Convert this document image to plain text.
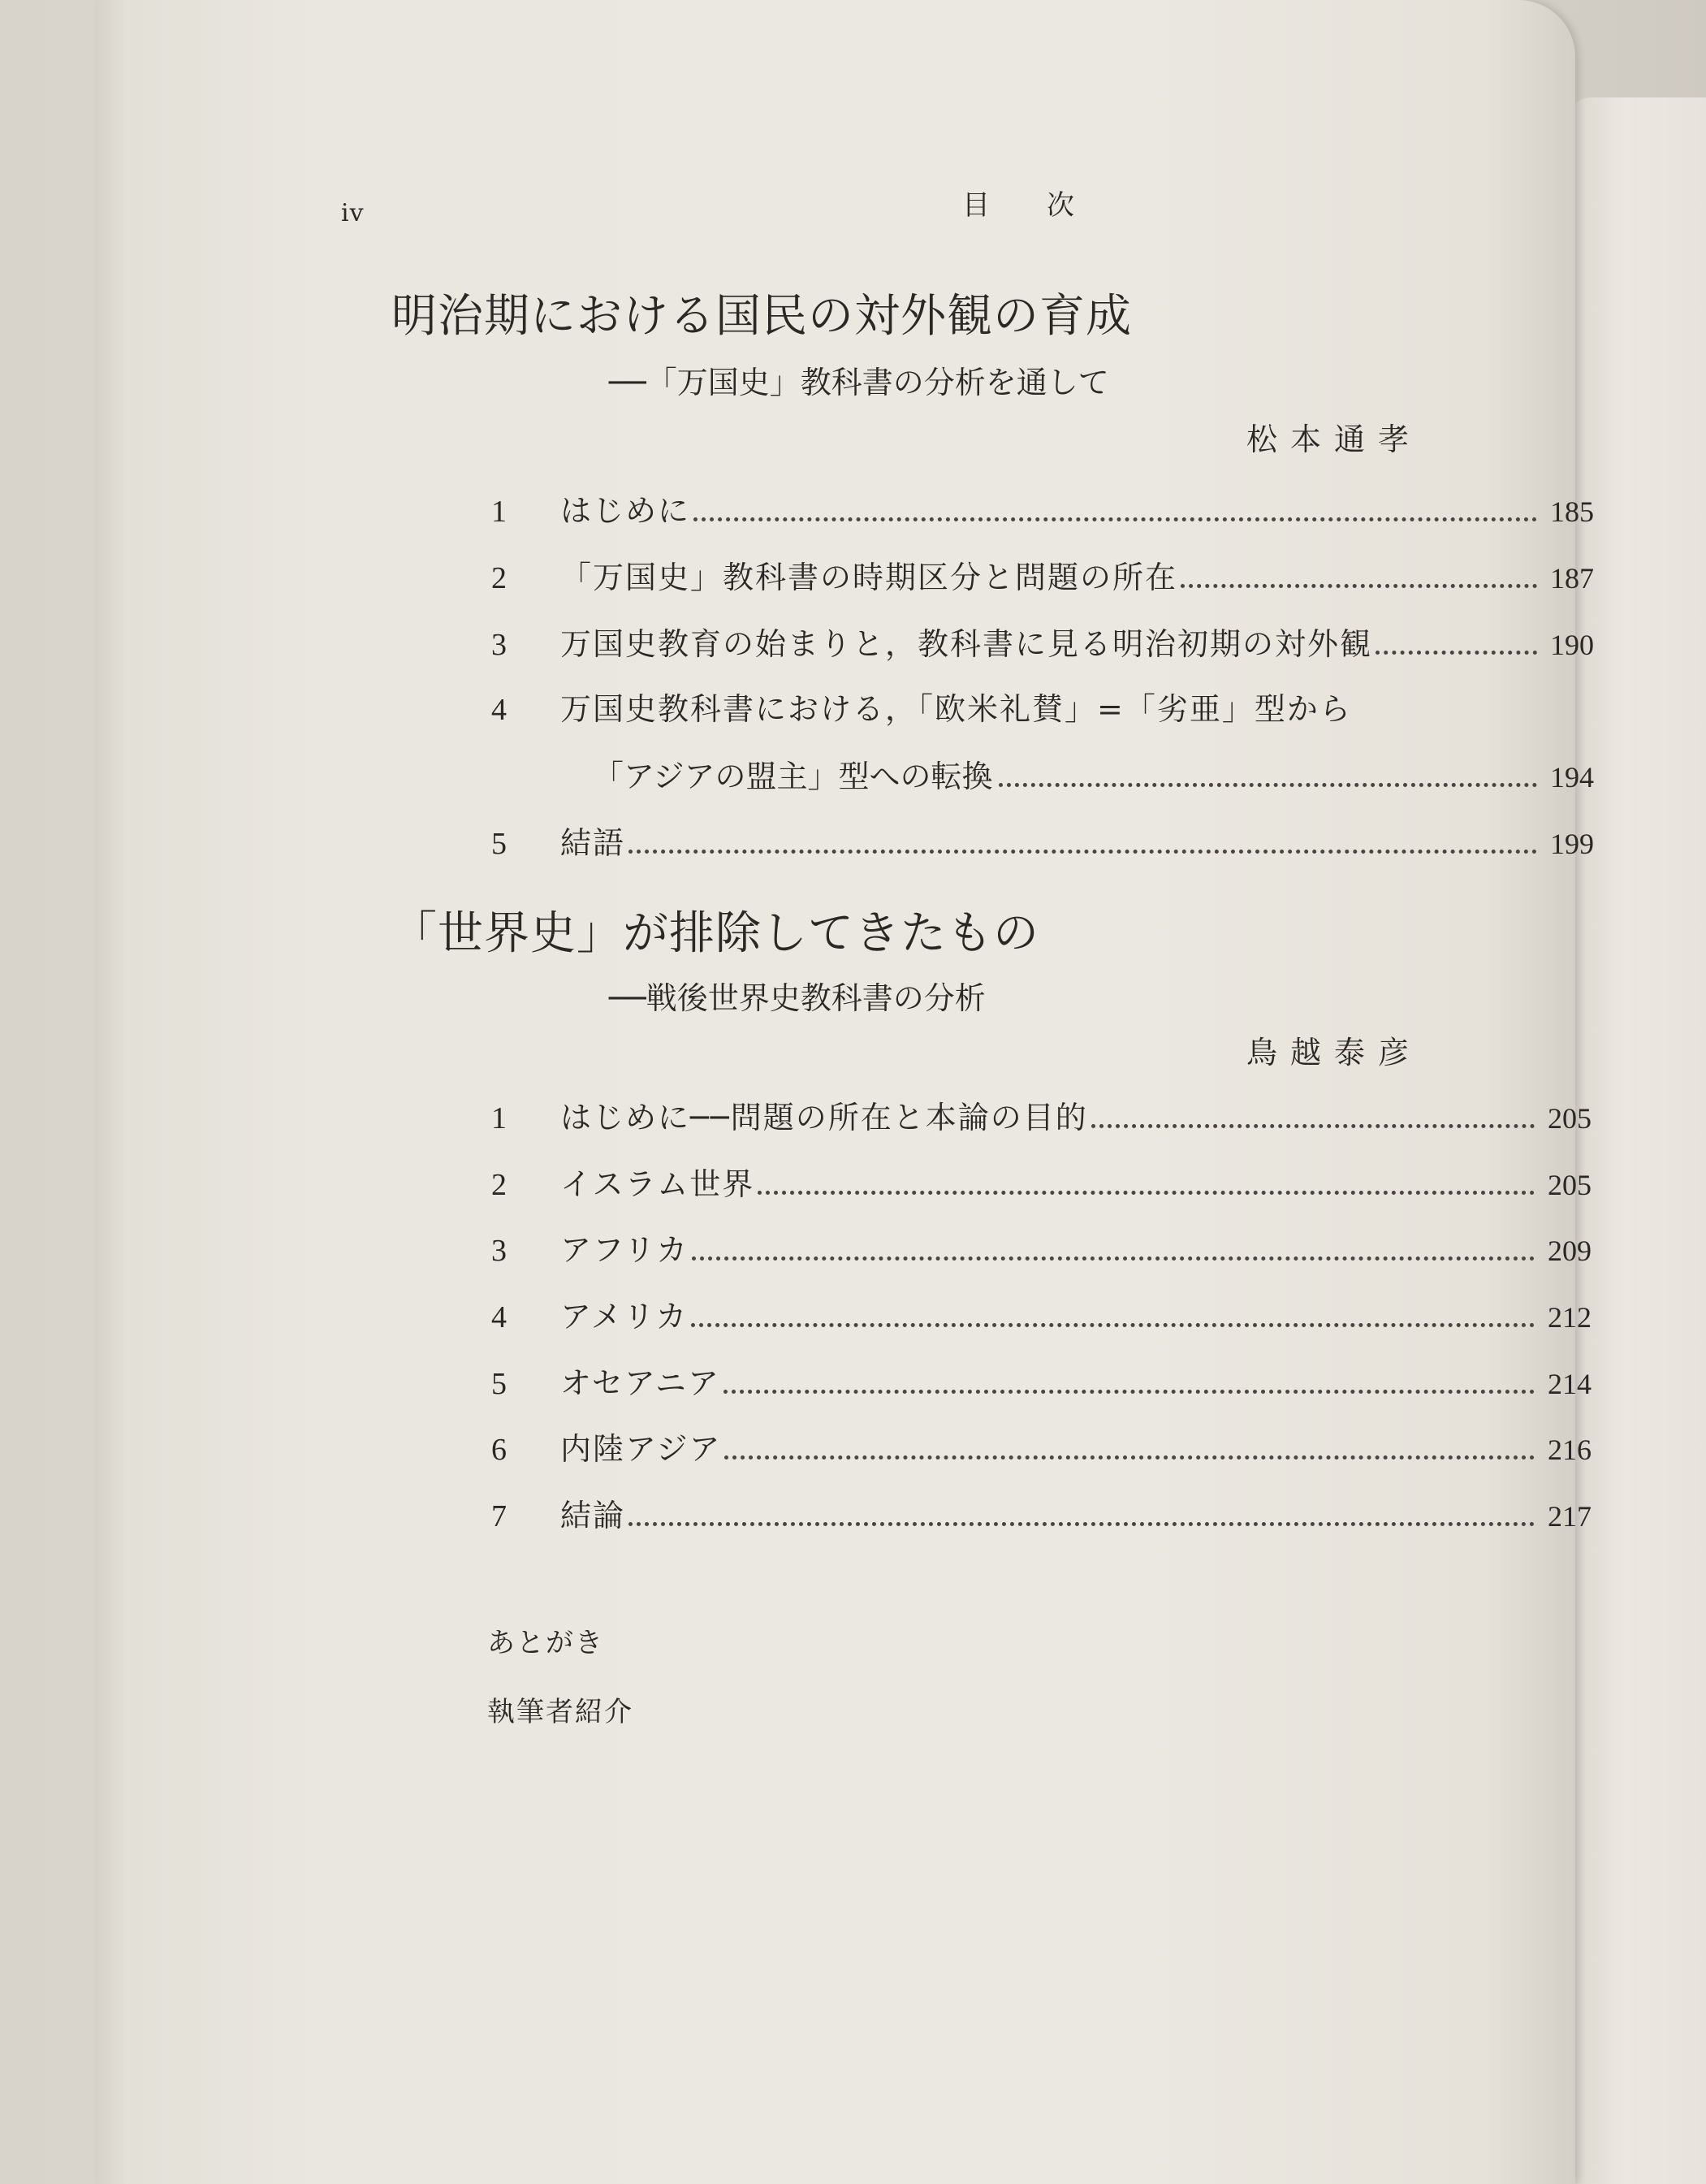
iv	目次
明治期における国民の対外観の育成
──「万国史」教科書の分析を通して
松本通孝
1	はじめに	185
2	「万国史」教科書の時期区分と問題の所在	187
3	万国史教育の始まりと，教科書に見る明治初期の対外観	190
4	万国史教科書における，「欧米礼賛」=「劣亜」型から
「アジアの盟主」型への転換	194
5	結語	199
「世界史」が排除してきたもの
──戦後世界史教科書の分析
鳥越泰彦
1	はじめに──問題の所在と本論の目的	205
2	イスラム世界	205
3	アフリカ	209
4	アメリカ	212
5	オセアニア	214
6	内陸アジア	216
7	結論	217
あとがき
執筆者紹介
